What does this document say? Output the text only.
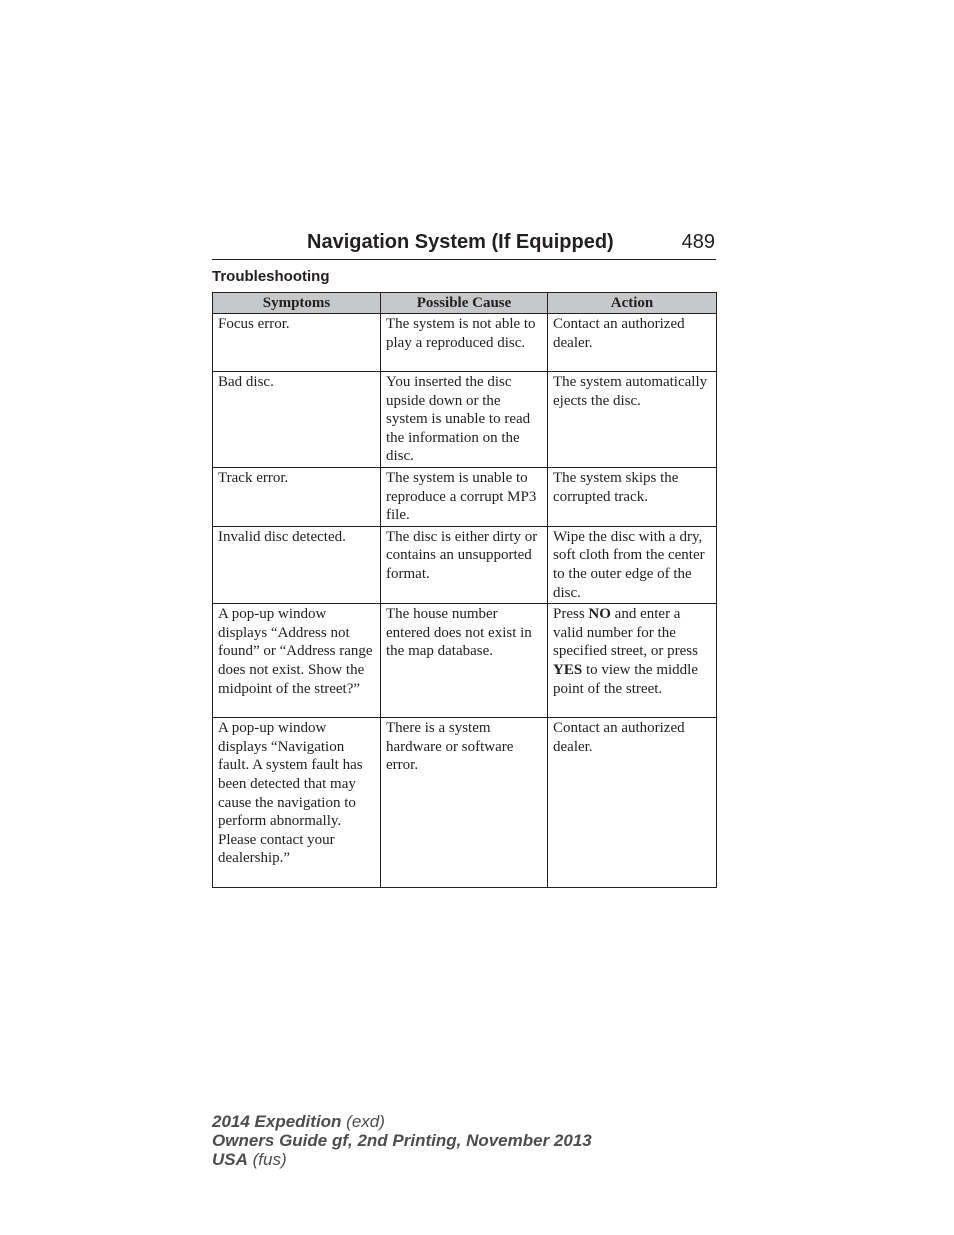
Navigation System (If Equipped)	489
Troubleshooting
Symptoms	Possible Cause	Action
Focus error.	The system is not able to play a reproduced disc.	Contact an authorized dealer.
Bad disc.	You inserted the disc upside down or the system is unable to read the information on the disc.	The system automatically ejects the disc.
Track error.	The system is unable to reproduce a corrupt MP3 file.	The system skips the corrupted track.
Invalid disc detected.	The disc is either dirty or contains an unsupported format.	Wipe the disc with a dry, soft cloth from the center to the outer edge of the disc.
A pop-up window displays “Address not found” or “Address range does not exist. Show the midpoint of the street?”	The house number entered does not exist in the map database.	Press NO and enter a valid number for the specified street, or press YES to view the middle point of the street.
A pop-up window displays “Navigation fault. A system fault has been detected that may cause the navigation to perform abnormally. Please contact your dealership.”	There is a system hardware or software error.	Contact an authorized dealer.
2014 Expedition (exd)
Owners Guide gf, 2nd Printing, November 2013
USA (fus)
